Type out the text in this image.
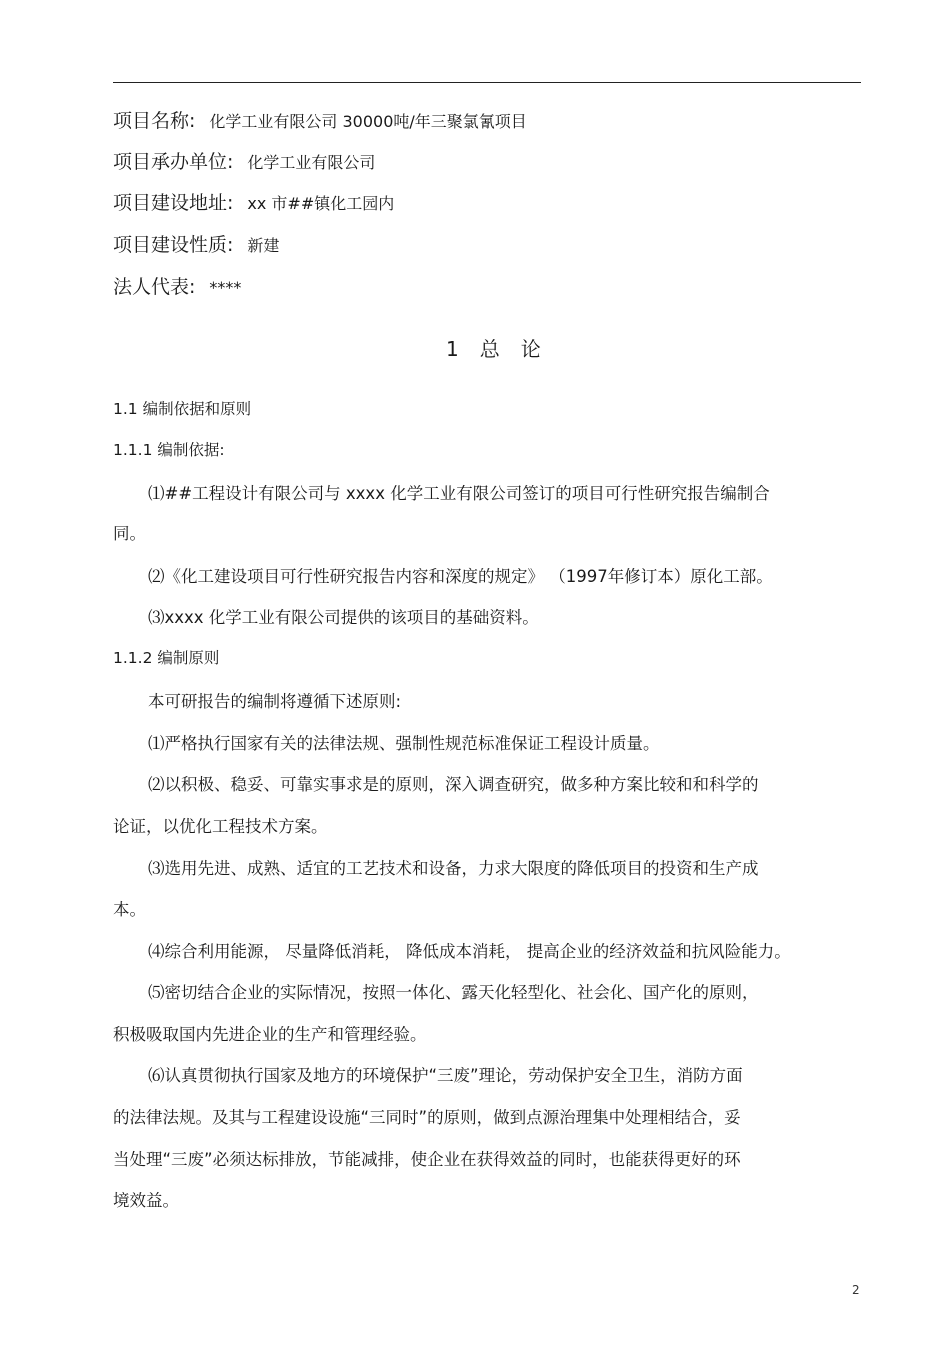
项目名称: 化学工业有限公司 30000吨/年三聚氯氰项目
项目承办单位: 化学工业有限公司
项目建设地址: xx 市##镇化工园内
项目建设性质: 新建
法人代表: ****
1 总 论
1.1 编制依据和原则
1.1.1 编制依据:
⑴##工程设计有限公司与 xxxx 化学工业有限公司签订的项目可行性研究报告编制合
同。
⑵《化工建设项目可行性研究报告内容和深度的规定》 （1997年修订本）原化工部。
⑶xxxx 化学工业有限公司提供的该项目的基础资料。
1.1.2 编制原则
本可研报告的编制将遵循下述原则:
⑴严格执行国家有关的法律法规、强制性规范标准保证工程设计质量。
⑵以积极、稳妥、可靠实事求是的原则，深入调查研究，做多种方案比较和和科学的
论证，以优化工程技术方案。
⑶选用先进、成熟、适宜的工艺技术和设备，力求大限度的降低项目的投资和生产成
本。
⑷综合利用能源， 尽量降低消耗， 降低成本消耗， 提高企业的经济效益和抗风险能力。
⑸密切结合企业的实际情况，按照一体化、露天化轻型化、社会化、国产化的原则，
积极吸取国内先进企业的生产和管理经验。
⑹认真贯彻执行国家及地方的环境保护“三废”理论，劳动保护安全卫生，消防方面
的法律法规。及其与工程建设设施“三同时”的原则，做到点源治理集中处理相结合，妥
当处理“三废”必须达标排放，节能减排，使企业在获得效益的同时，也能获得更好的环
境效益。
2
